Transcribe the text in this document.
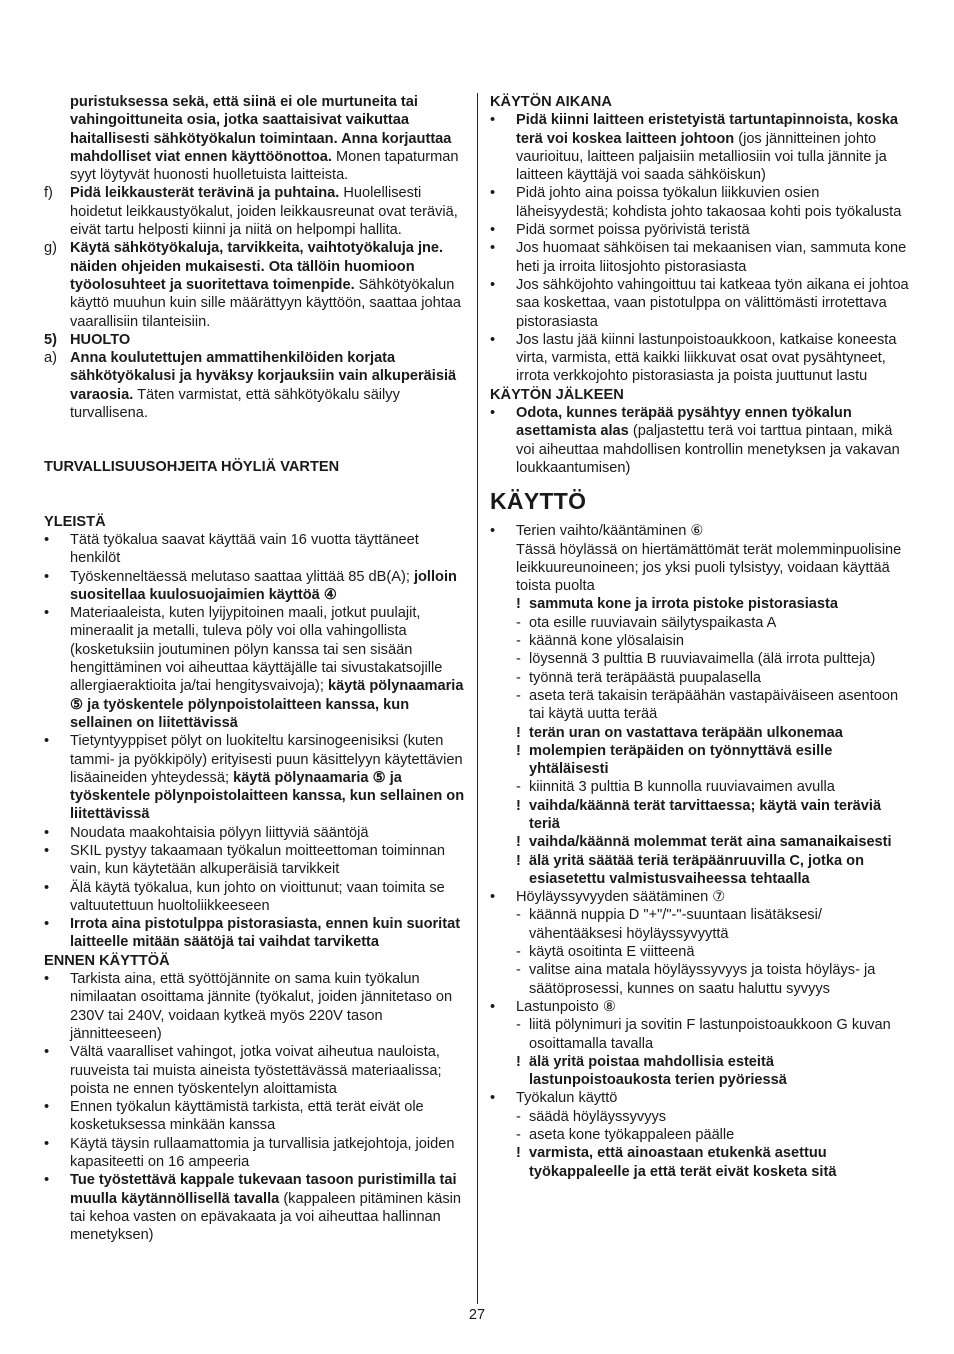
puristuksessa sekä, että siinä ei ole murtuneita tai vahingoittuneita osia, jotka saattaisivat vaikuttaa haitallisesti sähkötyökalun toimintaan. Anna korjauttaa mahdolliset viat ennen käyttöönottoa. Monen tapaturman syyt löytyvät huonosti huolletuista laitteista.
f) Pidä leikkausterät terävinä ja puhtaina. Huolellisesti hoidetut leikkaustyökalut, joiden leikkausreunat ovat teräviä, eivät tartu helposti kiinni ja niitä on helpompi hallita.
g) Käytä sähkötyökaluja, tarvikkeita, vaihtotyökaluja jne. näiden ohjeiden mukaisesti. Ota tällöin huomioon työolosuhteet ja suoritettava toimenpide. Sähkötyökalun käyttö muuhun kuin sille määrättyyn käyttöön, saattaa johtaa vaarallisiin tilanteisiin.
5) HUOLTO
a) Anna koulutettujen ammattihenkilöiden korjata sähkötyökalusi ja hyväksy korjauksiin vain alkuperäisiä varaosia. Täten varmistat, että sähkötyökalu säilyy turvallisena.
TURVALLISUUSOHJEITA HÖYLIÄ VARTEN
YLEISTÄ
• Tätä työkalua saavat käyttää vain 16 vuotta täyttäneet henkilöt
• Työskenneltäessä melutaso saattaa ylittää 85 dB(A); jolloin suositellaa kuulosuojaimien käyttöä ④
• Materiaaleista, kuten lyijypitoinen maali, jotkut puulajit, mineraalit ja metalli, tuleva pöly voi olla vahingollista (kosketuksiin joutuminen pölyn kanssa tai sen sisään hengittäminen voi aiheuttaa käyttäjälle tai sivustakatsojille allergiaeraktioita ja/tai hengitysvaivoja); käytä pölynaamaria ⑤ ja työskentele pölynpoistolaitteen kanssa, kun sellainen on liitettävissä
• Tietyntyyppiset pölyt on luokiteltu karsinogeenisiksi (kuten tammi- ja pyökkipöly) erityisesti puun käsittelyyn käytettävien lisäaineiden yhteydessä; käytä pölynaamaria ⑤ ja työskentele pölynpoistolaitteen kanssa, kun sellainen on liitettävissä
• Noudata maakohtaisia pölyyn liittyviä sääntöjä
• SKIL pystyy takaamaan työkalun moitteettoman toiminnan vain, kun käytetään alkuperäisiä tarvikkeit
• Älä käytä työkalua, kun johto on vioittunut; vaan toimita se valtuutettuun huoltoliikkeeseen
• Irrota aina pistotulppa pistorasiasta, ennen kuin suoritat laitteelle mitään säätöjä tai vaihdat tarviketta
ENNEN KÄYTTÖÄ
• Tarkista aina, että syöttöjännite on sama kuin työkalun nimilaatan osoittama jännite (työkalut, joiden jännitetaso on 230V tai 240V, voidaan kytkeä myös 220V tason jännitteeseen)
• Vältä vaaralliset vahingot, jotka voivat aiheutua nauloista, ruuveista tai muista aineista työstettävässä materiaalissa; poista ne ennen työskentelyn aloittamista
• Ennen työkalun käyttämistä tarkista, että terät eivät ole kosketuksessa minkään kanssa
• Käytä täysin rullaamattomia ja turvallisia jatkejohtoja, joiden kapasiteetti on 16 ampeeria
• Tue työstettävä kappale tukevaan tasoon puristimilla tai muulla käytännöllisellä tavalla (kappaleen pitäminen käsin tai kehoa vasten on epävakaata ja voi aiheuttaa hallinnan menetyksen)
KÄYTÖN AIKANA
• Pidä kiinni laitteen eristetyistä tartuntapinnoista, koska terä voi koskea laitteen johtoon (jos jännitteinen johto vaurioituu, laitteen paljaisiin metalliosiin voi tulla jännite ja laitteen käyttäjä voi saada sähköiskun)
• Pidä johto aina poissa työkalun liikkuvien osien läheisyydestä; kohdista johto takaosaa kohti pois työkalusta
• Pidä sormet poissa pyörivistä teristä
• Jos huomaat sähköisen tai mekaanisen vian, sammuta kone heti ja irroita liitosjohto pistorasiasta
• Jos sähköjohto vahingoittuu tai katkeaa työn aikana ei johtoa saa koskettaa, vaan pistotulppa on välittömästi irrotettava pistorasiasta
• Jos lastu jää kiinni lastunpoistoaukkoon, katkaise koneesta virta, varmista, että kaikki liikkuvat osat ovat pysähtyneet, irrota verkkojohto pistorasiasta ja poista juuttunut lastu
KÄYTÖN JÄLKEEN
• Odota, kunnes teräpää pysähtyy ennen työkalun asettamista alas (paljastettu terä voi tarttua pintaan, mikä voi aiheuttaa mahdollisen kontrollin menetyksen ja vakavan loukkaantumisen)
KÄYTTÖ
• Terien vaihto/kääntäminen ⑥
Tässä höylässä on hiertämättömät terät molemminpuolisine leikkuureunoineen; jos yksi puoli tylsistyy, voidaan käyttää toista puolta
! sammuta kone ja irrota pistoke pistorasiasta
- ota esille ruuviavain säilytyspaikasta A
- käännä kone ylösalaisin
- löysennä 3 pulttia B ruuviavaimella (älä irrota pultteja)
- työnnä terä teräpäästä puupalasella
- aseta terä takaisin teräpäähän vastapäiväiseen asentoon tai käytä uutta terää
! terän uran on vastattava teräpään ulkonemaa
! molempien teräpäiden on työnnyttävä esille yhtäläisesti
- kiinnitä 3 pulttia B kunnolla ruuviavaimen avulla
! vaihda/käännä terät tarvittaessa; käytä vain teräviä teriä
! vaihda/käännä molemmat terät aina samanaikaisesti
! älä yritä säätää teriä teräpäänruuvilla C, jotka on esiasetettu valmistusvaiheessa tehtaalla
• Höyläyssyvyyden säätäminen ⑦
- käännä nuppia D "+"/"-"-suuntaan lisätäksesi/ vähentääksesi höyläyssyvyyttä
- käytä osoitinta E viitteenä
- valitse aina matala höyläyssyvyys ja toista höyläys- ja säätöprosessi, kunnes on saatu haluttu syvyys
• Lastunpoisto ⑧
- liitä pölynimuri ja sovitin F lastunpoistoaukkoon G kuvan osoittamalla tavalla
! älä yritä poistaa mahdollisia esteitä lastunpoistoaukosta terien pyöriessä
• Työkalun käyttö
- säädä höyläyssyvyys
- aseta kone työkappaleen päälle
! varmista, että ainoastaan etukenkä asettuu työkappaleelle ja että terät eivät kosketa sitä
27
